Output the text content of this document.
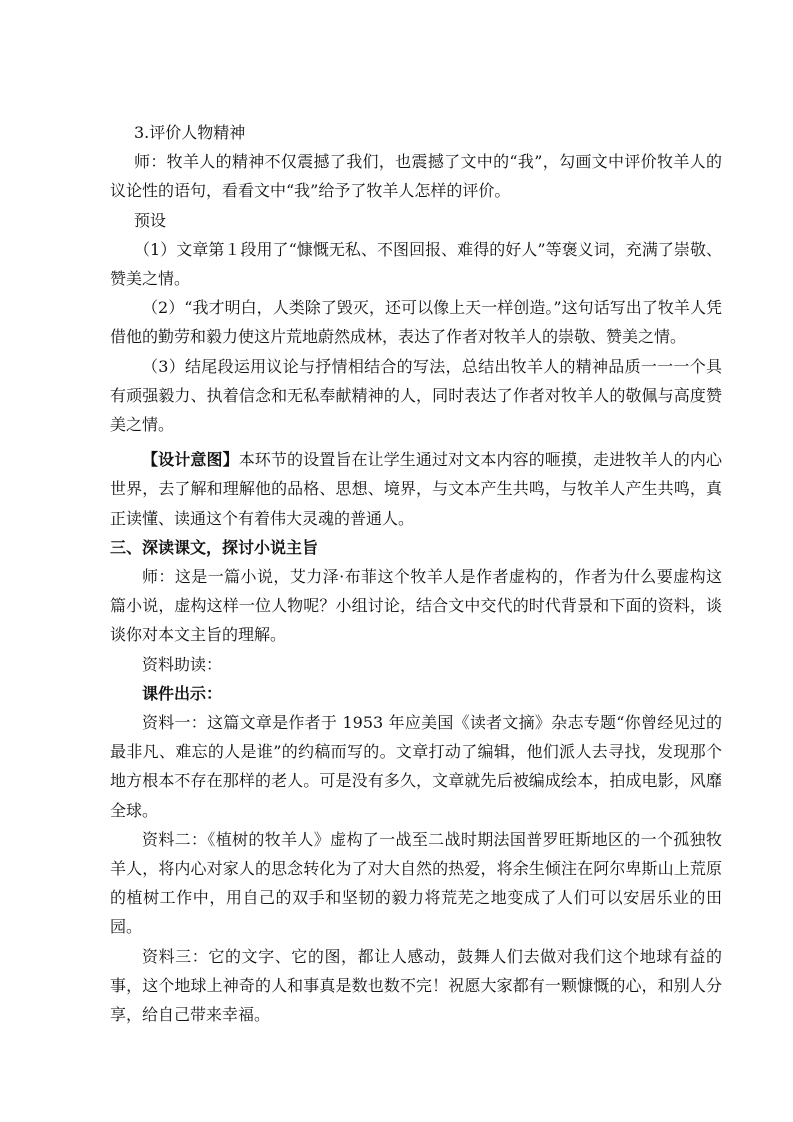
3.评价人物精神

师：牧羊人的精神不仅震撼了我们，也震撼了文中的“我”，勾画文中评价牧羊人的议论性的语句，看看文中“我”给予了牧羊人怎样的评价。

预设

（1）文章第１段用了“慷慨无私、不图回报、难得的好人”等褒义词，充满了崇敬、赞美之情。

（2）“我才明白，人类除了毁灭，还可以像上天一样创造。”这句话写出了牧羊人凭借他的勤劳和毅力使这片荒地蔚然成林，表达了作者对牧羊人的崇敬、赞美之情。

（3）结尾段运用议论与抒情相结合的写法，总结出牧羊人的精神品质一一一个具有顽强毅力、执着信念和无私奉献精神的人，同时表达了作者对牧羊人的敬佩与高度赞美之情。

【设计意图】本环节的设置旨在让学生通过对文本内容的咂摸，走进牧羊人的内心世界，去了解和理解他的品格、思想、境界，与文本产生共鸣，与牧羊人产生共鸣，真正读懂、读通这个有着伟大灵魂的普通人。

三、深读课文，探讨小说主旨

师：这是一篇小说，艾力泽·布菲这个牧羊人是作者虚构的，作者为什么要虚构这篇小说，虚构这样一位人物呢？小组讨论，结合文中交代的时代背景和下面的资料，谈谈你对本文主旨的理解。

资料助读：

课件出示：

资料一：这篇文章是作者于 1953 年应美国《读者文摘》杂志专题“你曾经见过的最非凡、难忘的人是谁”的约稿而写的。文章打动了编辑，他们派人去寻找，发现那个地方根本不存在那样的老人。可是没有多久，文章就先后被编成绘本，拍成电影，风靡全球。

资料二：《植树的牧羊人》虚构了一战至二战时期法国普罗旺斯地区的一个孤独牧羊人，将内心对家人的思念转化为了对大自然的热爱，将余生倾注在阿尔卑斯山上荒原的植树工作中，用自己的双手和坚韧的毅力将荒芜之地变成了人们可以安居乐业的田园。

资料三：它的文字、它的图，都让人感动，鼓舞人们去做对我们这个地球有益的事，这个地球上神奇的人和事真是数也数不完！祝愿大家都有一颗慷慨的心，和别人分享，给自己带来幸福。
